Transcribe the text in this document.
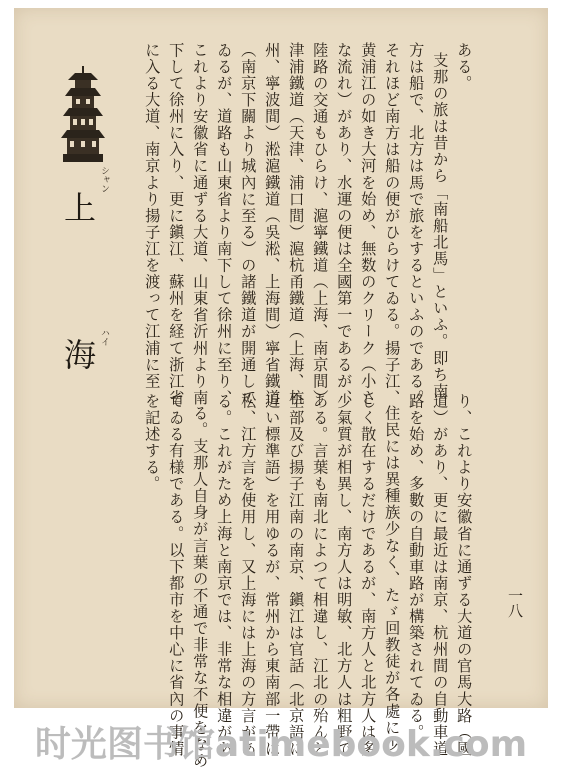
上
シャン
海 ハイ
一八
ある。
支那の旅は昔から「南船北馬」といふ。即ち南
方は船で、北方は馬で旅をするといふのである。
それほど南方は船の便がひらけてゐる。揚子江、
黄浦江の如き大河を始め、無数のクリーク（小さ
な流れ）があり、水運の便は全國第一であるが、
陸路の交通もひらけ、滬寧鐵道（上海、南京間）
津浦鐵道（天津、浦口間）滬杭甬鐵道（上海、杭
州、寧波間）淞滬鐵道（吳淞、上海間）寧省鐵道
（南京下關より城內に至る）の諸鐵道が開通して
ゐるが、道路も山東省より南下して徐州に至り、
これより安徽省に通ずる大道、山東省沂州より南
下して徐州に入り、更に鎭江、蘇州を経て浙江省
に入る大道、南京より揚子江を渡って江浦に至
り、これより安徽省に通ずる大道の官馬大路（國
道）があり、更に最近は南京、杭州間の自動車道
路を始め、多數の自動車路が構築されてゐる。
住民には異種族少なく、たゞ回教徒が各處に少
しく散在するだけであるが、南方人と北方人は多
少氣質が相異し、南方人は明敏、北方人は粗野で
ある。言葉も南北によつて相違し、江北の殆んど
全部及び揚子江南の南京、鎭江は官話（北京語に
近い標準語）を用ゆるが、常州から東南部一帶は
松、江方言を使用し、又上海には上海の方言があ
る。これがため上海と南京では、非常な相違があ
る。支那人自身が言葉の不通で非常な不便をなめ
てゐる有様である。以下都市を中心に省內の事情
を記述する。
时光图书馆atimebook.com
